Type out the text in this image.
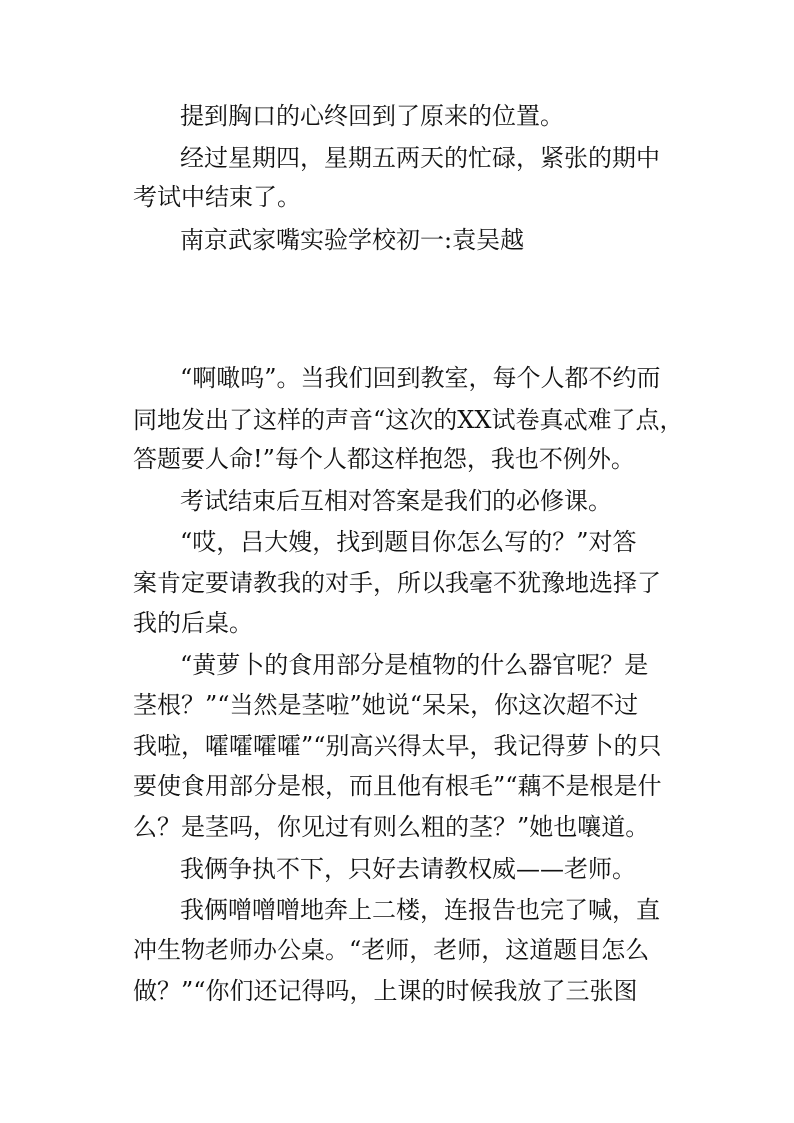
提到胸口的心终回到了原来的位置。

经过星期四，星期五两天的忙碌，紧张的期中

考试中结束了。

南京武家嘴实验学校初一:袁吴越

“啊噉呜”。当我们回到教室，每个人都不约而

同地发出了这样的声音“这次的XX试卷真忒难了点，

答题要人命!”每个人都这样抱怨，我也不例外。

考试结束后互相对答案是我们的必修课。

“哎，吕大嫂，找到题目你怎么写的？”对答

案肯定要请教我的对手，所以我毫不犹豫地选择了

我的后桌。

“黄萝卜的食用部分是植物的什么器官呢？是

茎根？”“当然是茎啦”她说“呆呆，你这次超不过

我啦，嚯嚯嚯嚯”“别高兴得太早，我记得萝卜的只

要使食用部分是根，而且他有根毛”“藕不是根是什

么？是茎吗，你见过有则么粗的茎？”她也嚷道。

我俩争执不下，只好去请教权威——老师。

我俩噌噌噌地奔上二楼，连报告也完了喊，直

冲生物老师办公桌。“老师，老师，这道题目怎么

做？”“你们还记得吗，上课的时候我放了三张图
